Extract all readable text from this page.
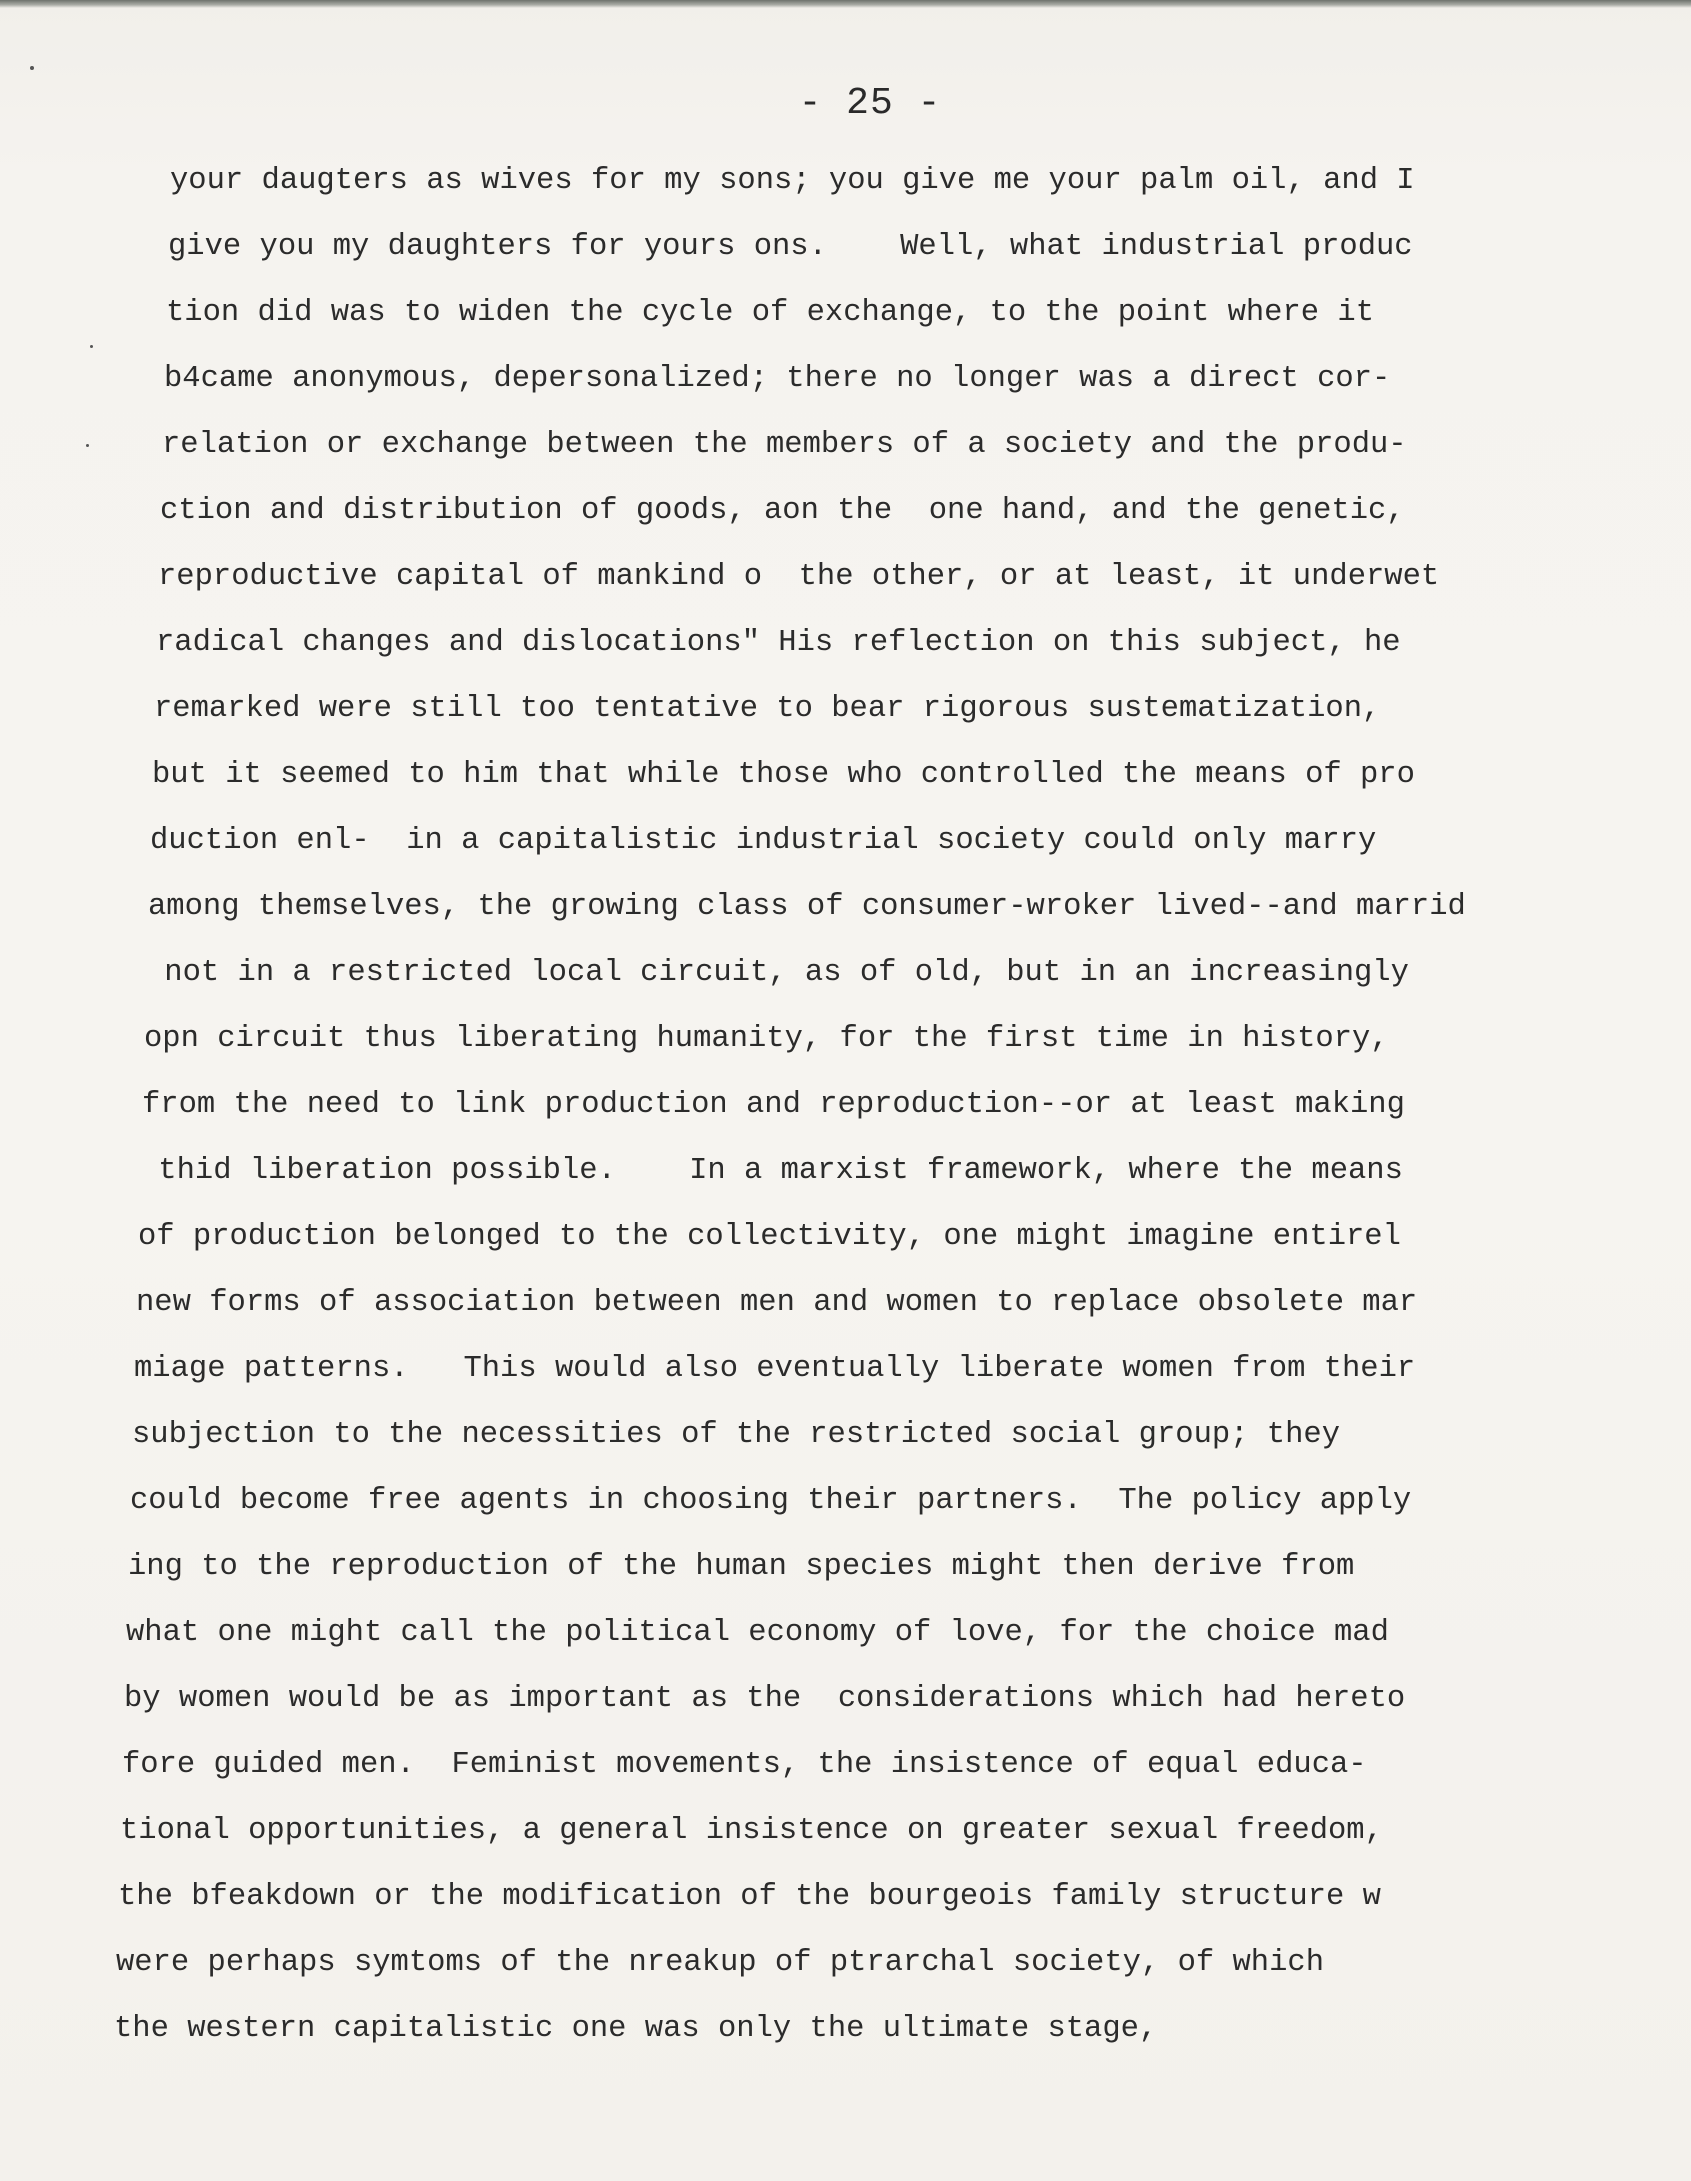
- 25 -
your daugters as wives for my sons; you give me your palm oil, and I
give you my daughters for yours ons.    Well, what industrial produc
tion did was to widen the cycle of exchange, to the point where it
b4came anonymous, depersonalized; there no longer was a direct cor-
relation or exchange between the members of a society and the produ-
ction and distribution of goods, aon the  one hand, and the genetic,
reproductive capital of mankind o  the other, or at least, it underwet
radical changes and dislocations" His reflection on this subject, he
remarked were still too tentative to bear rigorous sustematization,
but it seemed to him that while those who controlled the means of pro
duction enl-  in a capitalistic industrial society could only marry
among themselves, the growing class of consumer-wroker lived--and marrid
not in a restricted local circuit, as of old, but in an increasingly
opn circuit thus liberating humanity, for the first time in history,
from the need to link production and reproduction--or at least making
thid liberation possible.    In a marxist framework, where the means
of production belonged to the collectivity, one might imagine entirel
new forms of association between men and women to replace obsolete mar
miage patterns.   This would also eventually liberate women from their
subjection to the necessities of the restricted social group; they
could become free agents in choosing their partners.  The policy apply
ing to the reproduction of the human species might then derive from
what one might call the political economy of love, for the choice mad
by women would be as important as the  considerations which had hereto
fore guided men.  Feminist movements, the insistence of equal educa-
tional opportunities, a general insistence on greater sexual freedom,
the bfeakdown or the modification of the bourgeois family structure w
were perhaps symtoms of the nreakup of ptrarchal society, of which
the western capitalistic one was only the ultimate stage,
